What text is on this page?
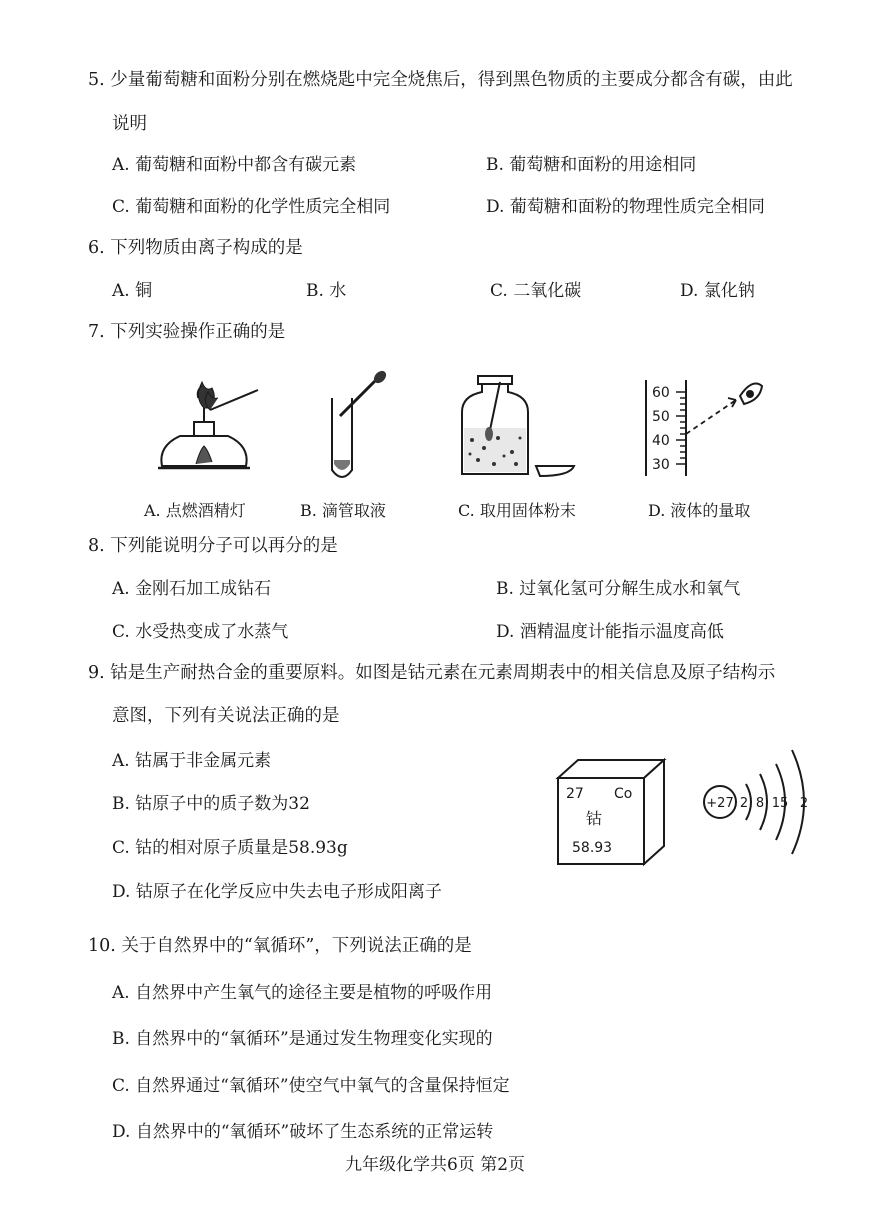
5. 少量葡萄糖和面粉分别在燃烧匙中完全烧焦后，得到黑色物质的主要成分都含有碳，由此
说明
A. 葡萄糖和面粉中都含有碳元素	B. 葡萄糖和面粉的用途相同
C. 葡萄糖和面粉的化学性质完全相同	D. 葡萄糖和面粉的物理性质完全相同
6. 下列物质由离子构成的是
A. 铜	B. 水	C. 二氧化碳	D. 氯化钠
7. 下列实验操作正确的是
60
50
40
30
A. 点燃酒精灯	B. 滴管取液	C. 取用固体粉末	D. 液体的量取
8. 下列能说明分子可以再分的是
A. 金刚石加工成钻石	B. 过氧化氢可分解生成水和氧气
C. 水受热变成了水蒸气	D. 酒精温度计能指示温度高低
9. 钴是生产耐热合金的重要原料。如图是钴元素在元素周期表中的相关信息及原子结构示
意图，下列有关说法正确的是
A. 钴属于非金属元素
B. 钴原子中的质子数为32
C. 钴的相对原子质量是58.93g
D. 钴原子在化学反应中失去电子形成阳离子
27 Co
钴
58.93
+27 2 8 15 2
10. 关于自然界中的“氧循环”，下列说法正确的是
A. 自然界中产生氧气的途径主要是植物的呼吸作用
B. 自然界中的“氧循环”是通过发生物理变化实现的
C. 自然界通过“氧循环”使空气中氧气的含量保持恒定
D. 自然界中的“氧循环”破坏了生态系统的正常运转
九年级化学共6页 第2页
